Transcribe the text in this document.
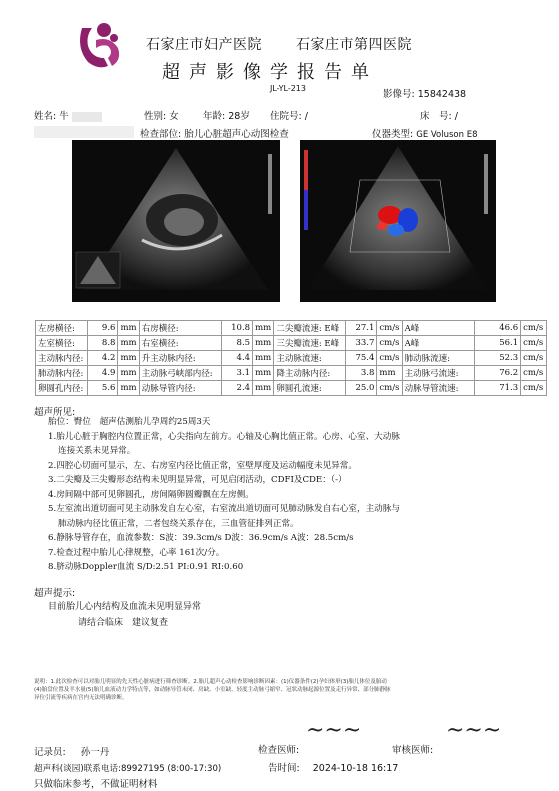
石家庄市妇产医院 石家庄市第四医院
超声影像学报告单
JL-YL-213
影像号: 15842438
姓名: 牛	性别: 女	年龄: 28岁 住院号: /	床　号: /
检查部位: 胎儿心脏超声心动图检查	仪器类型: GE Voluson E8
左房横径:	9.6	mm	右房横径:	10.8	mm	二尖瓣流速: E峰	27.1	cm/s	A峰	46.6	cm/s
左室横径:	8.8	mm	右室横径:	8.5	mm	三尖瓣流速: E峰	33.7	cm/s	A峰	56.1	cm/s
主动脉内径:	4.2	mm	升主动脉内径:	4.4	mm	主动脉流速:	75.4	cm/s	肺动脉流速:	52.3	cm/s
肺动脉内径:	4.9	mm	主动脉弓峡部内径:	3.1	mm	降主动脉内径:	3.8	mm	主动脉弓流速:	76.2	cm/s
卵圆孔内径:	5.6	mm	动脉导管内径:	2.4	mm	卵圆孔流速:	25.0	cm/s	动脉导管流速:	71.3	cm/s
超声所见:
胎位：臀位　超声估测胎儿孕周约25周3天
1.胎儿心脏于胸腔内位置正常，心尖指向左前方。心轴及心胸比值正常。心房、心室、大动脉
连接关系未见异常。
2.四腔心切面可显示，左、右房室内径比值正常，室壁厚度及运动幅度未见异常。
3.二尖瓣及三尖瓣形态结构未见明显异常，可见启闭活动，CDFI及CDE：（-）
4.房间隔中部可见卵圆孔，房间隔卵圆瓣飘在左房侧。
5.左室流出道切面可见主动脉发自左心室，右室流出道切面可见肺动脉发自右心室，主动脉与
肺动脉内径比值正常，二者包绕关系存在，三血管征排列正常。
6.静脉导管存在，血流参数：S波：39.3cm/s D波：36.9cm/s A波：28.5cm/s
7.检查过程中胎儿心律规整，心率 161次/分。
8.脐动脉Doppler血流 S/D:2.51 PI:0.91 RI:0.60
超声提示:
目前胎儿心内结构及血流未见明显异常
请结合临床　建议复查
说明：1.此次检查可以对胎儿明显的先天性心脏病进行筛查诊断。2.胎儿超声心动检查影响诊断因素：(1)仪器条件(2)孕妇体形(3)胎儿体位及胎动
(4)胎盘位置及羊水量(5)胎儿血液动力学特点等，如动脉导管未闭、房缺、小室缺、轻度主动脉弓缩窄、冠状动脉起源位置及走行异常、部分肺静脉
异位引流等疾病在宫内无法明确诊断。
记录员: 孙一丹	检查医师:
~~~
审核医师:
~~~
超声科(谈园)联系电话:89927195 (8:00-17:30)	告时间: 2024-10-18 16:17
只做临床参考，不做证明材料
